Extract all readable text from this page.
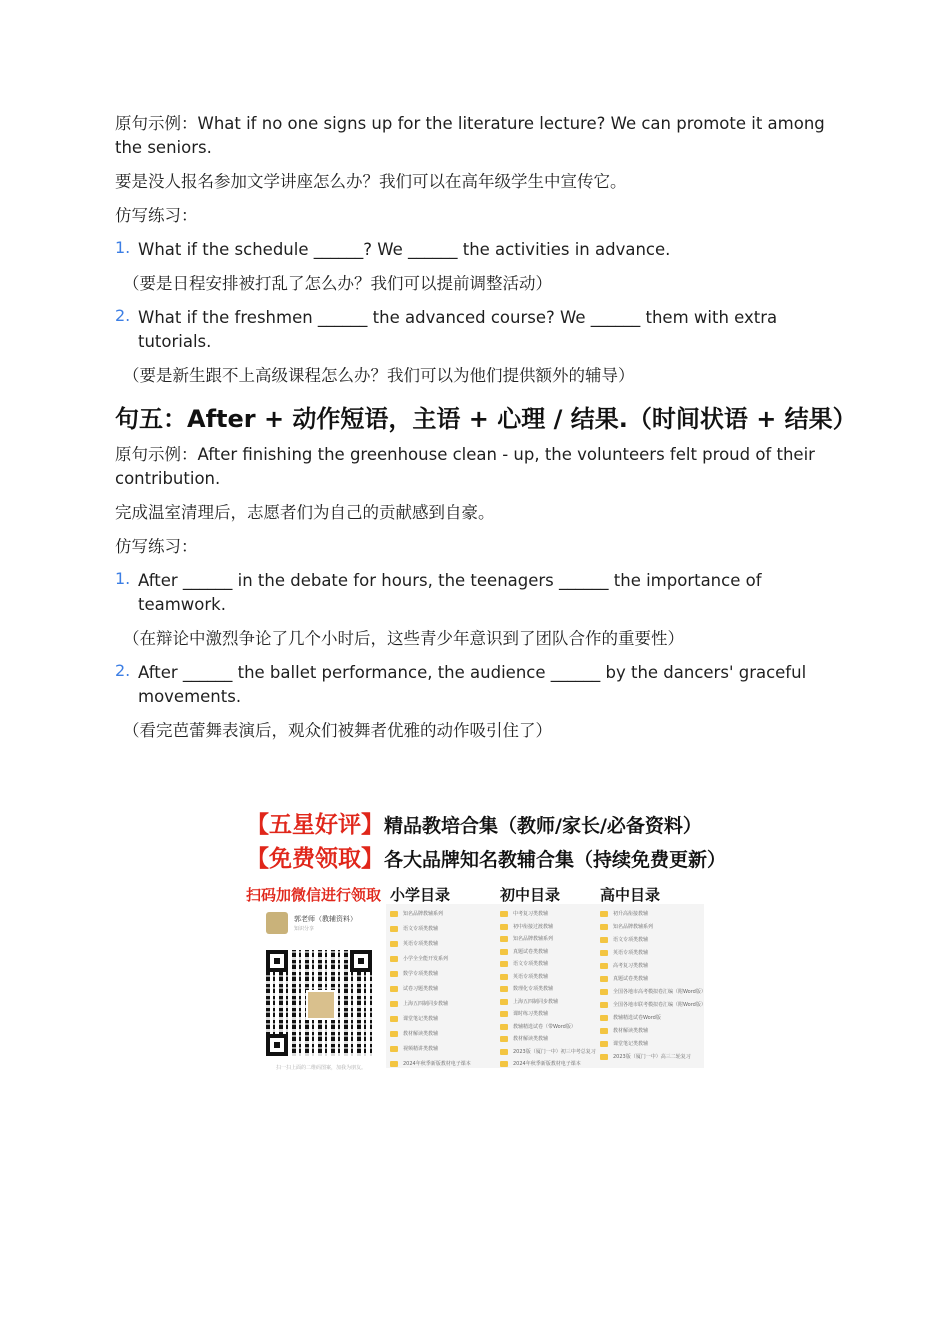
原句示例：What if no one signs up for the literature lecture? We can promote it among the seniors.

要是没人报名参加文学讲座怎么办？我们可以在高年级学生中宣传它。

仿写练习：

1. What if the schedule ______? We ______ the activities in advance.

（要是日程安排被打乱了怎么办？我们可以提前调整活动）

2. What if the freshmen ______ the advanced course? We ______ them with extra tutorials.

（要是新生跟不上高级课程怎么办？我们可以为他们提供额外的辅导）

句五：After + 动作短语，主语 + 心理 / 结果.（时间状语 + 结果）

原句示例：After finishing the greenhouse clean - up, the volunteers felt proud of their contribution.

完成温室清理后，志愿者们为自己的贡献感到自豪。

仿写练习：

1. After ______ in the debate for hours, the teenagers ______ the importance of teamwork.

（在辩论中激烈争论了几个小时后，这些青少年意识到了团队合作的重要性）

2. After ______ the ballet performance, the audience ______ by the dancers' graceful movements.

（看完芭蕾舞表演后，观众们被舞者优雅的动作吸引住了）

【五星好评】精品教培合集（教师/家长/必备资料）
【免费领取】各大品牌知名教辅合集（持续免费更新）
扫码加微信进行领取
郭老师（教辅资料）
知识分享
扫一扫上面的二维码图案，加我为朋友。
小学目录	初中目录	高中目录
知名品牌教辅系列
语文专项类教辅
英语专项类教辅
小学全全能开发系列
数学专项类教辅
试卷习题类教辅
上海五四制同步教辅
课堂笔记类教辅
教材解读类教辅
视频精讲类教辅
2024年秋季新版教材电子课本
中考复习类教辅
初中衔接过渡教辅
知名品牌教辅系列
真题试卷类教辅
语文专项类教辅
英语专项类教辅
数理化专项类教辅
上海五四制同步教辅
课时练习类教辅
教辅精选试卷（带Word版）
教材解读类教辅
2023版（厦门一中）初三中考总复习
2024年秋季新版教材电子课本
初升高衔接教辅
知名品牌教辅系列
语文专项类教辅
英语专项类教辅
高考复习类教辅
真题试卷类教辅
全国各地市高考模拟卷汇编（附Word版）
全国各地市联考模拟卷汇编（附Word版）
教辅精选试卷Word版
教材解读类教辅
课堂笔记类教辅
2023版（厦门一中）高三二轮复习
